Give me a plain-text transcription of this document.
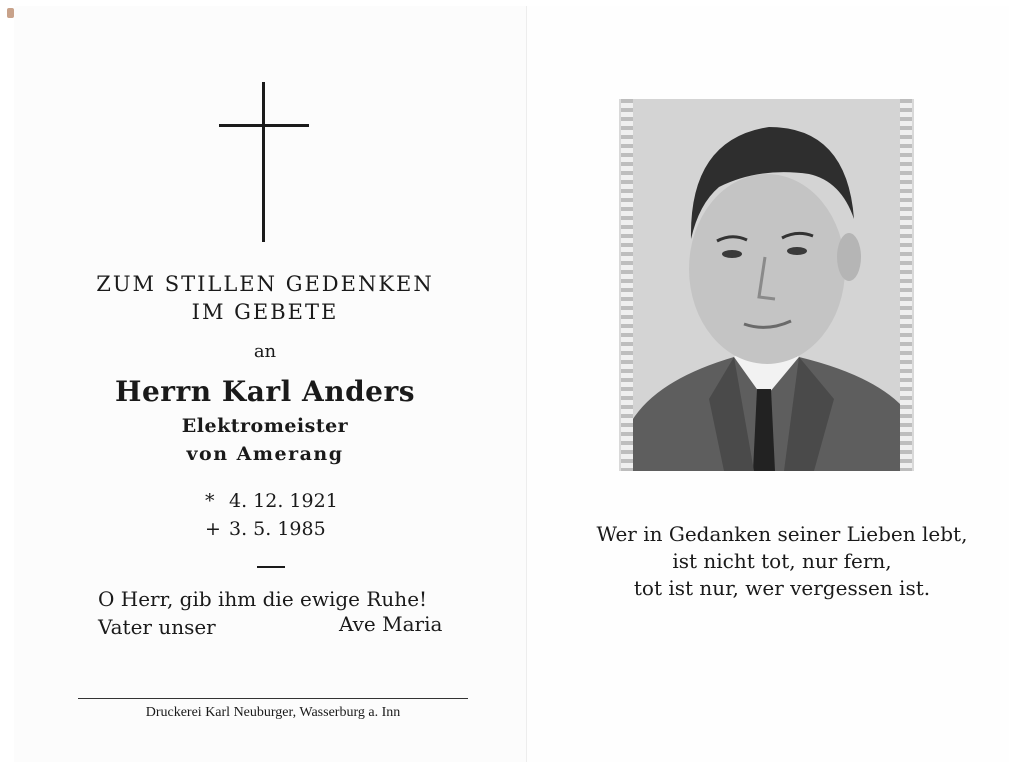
ZUM STILLEN GEDENKEN
IM GEBETE
an
Herrn Karl Anders
Elektromeister
von Amerang
* 4. 12. 1921
+ 3. 5. 1985
O Herr, gib ihm die ewige Ruhe!
Vater unser	Ave Maria
Druckerei Karl Neuburger, Wasserburg a. Inn
Wer in Gedanken seiner Lieben lebt,
ist nicht tot, nur fern,
tot ist nur, wer vergessen ist.
